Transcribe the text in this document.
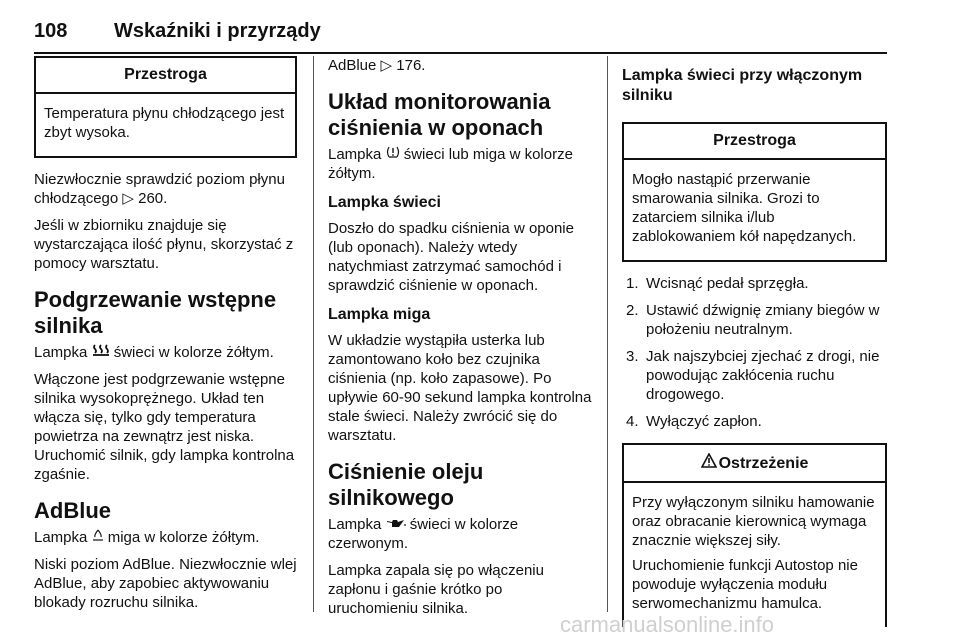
108 Wskaźniki i przyrządy
Przestroga

Temperatura płynu chłodzącego jest zbyt wysoka.

Niezwłocznie sprawdzić poziom płynu chłodzącego ▷ 260.

Jeśli w zbiorniku znajduje się wystarczająca ilość płynu, skorzystać z pomocy warsztatu.

Podgrzewanie wstępne silnika

Lampka  świeci w kolorze żółtym.

Włączone jest podgrzewanie wstępne silnika wysokoprężnego. Układ ten włącza się, tylko gdy temperatura powietrza na zewnątrz jest niska. Uruchomić silnik, gdy lampka kontrolna zgaśnie.

AdBlue

Lampka  miga w kolorze żółtym.

Niski poziom AdBlue. Niezwłocznie wlej AdBlue, aby zapobiec aktywowaniu blokady rozruchu silnika.

AdBlue ▷ 176.

Układ monitorowania ciśnienia w oponach

Lampka  świeci lub miga w kolorze żółtym.

Lampka świeci

Doszło do spadku ciśnienia w oponie (lub oponach). Należy wtedy natychmiast zatrzymać samochód i sprawdzić ciśnienie w oponach.

Lampka miga

W układzie wystąpiła usterka lub zamontowano koło bez czujnika ciśnienia (np. koło zapasowe). Po upływie 60-90 sekund lampka kontrolna stale świeci. Należy zwrócić się do warsztatu.

Ciśnienie oleju silnikowego

Lampka  świeci w kolorze czerwonym.

Lampka zapala się po włączeniu zapłonu i gaśnie krótko po uruchomieniu silnika.

Lampka świeci przy włączonym silniku
Przestroga

Mogło nastąpić przerwanie smarowania silnika. Grozi to zatarciem silnika i/lub zablokowaniem kół napędzanych.

1. Wcisnąć pedał sprzęgła.
2. Ustawić dźwignię zmiany biegów w położeniu neutralnym.
3. Jak najszybciej zjechać z drogi, nie powodując zakłócenia ruchu drogowego.
4. Wyłączyć zapłon.
Ostrzeżenie

Przy wyłączonym silniku hamowanie oraz obracanie kierownicą wymaga znacznie większej siły.

Uruchomienie funkcji Autostop nie powoduje wyłączenia modułu serwomechanizmu hamulca.

carmanualsonline.info
